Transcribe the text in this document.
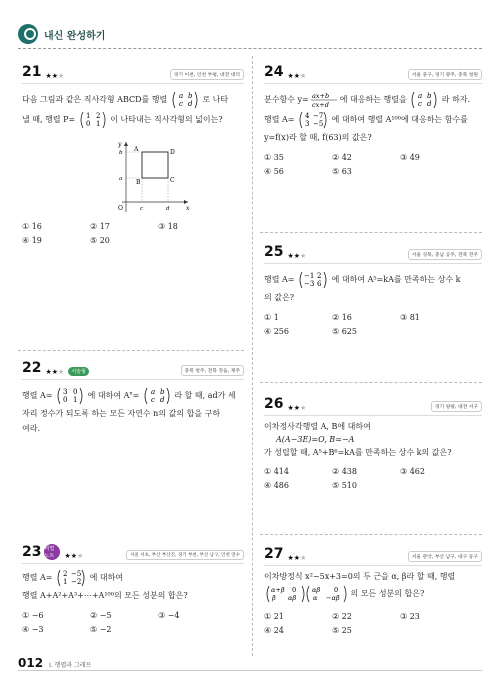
내신 완성하기
21 ★★★	경기 이천, 인천 부평, 대전 대덕
다음 그림과 같은 직사각형 ABCD를 행렬 a b
c d 로 나타
낼 때, 행렬 P= 1 2
0 1 이 나타내는 직사각형의 넓이는?
A	D
B	C
O	x
y
b
a
c	d
① 16	② 17	③ 18
④ 19	⑤ 20
22 ★★★	서술형	충북 청주, 전북 정읍, 제주
행렬 A= 3 0
0 1 에 대하여 $A^n= a$ b
c d 라 할 때, ad가 세
자리 정수가 되도록 하는 모든 자연수 n의 값의 합을 구하
여라.
23 비법 노트	★★★	서울 서초, 부산 부산진, 경기 부천, 부산 남구, 인천 연수
행렬 A= 2 −5
1 −2 에 대하여
행렬 A+A²+A³+⋯+A¹⁰⁰의 모든 성분의 합은?
① −6	② −5	③ −4
④ −3	⑤ −2
24 ★★★	서울 중구, 경기 광주, 충북 청원
분수함수 y= ax+b
cx+d
에 대응하는 행렬을 a b
c d 라 하자.
행렬 A= 4 −7
3 −5 에 대하여 행렬 A¹⁰⁰에 대응하는 함수를
y=f(x)라 할 때, f(63)의 값은?
① 35	② 42	③ 49
④ 56	⑤ 63
25 ★★★	서울 성북, 충남 공주, 전북 전주
행렬 A= −1 2
−3 6 에 대하여 A⁵=kA를 만족하는 상수 k
의 값은?
① 1	② 16	③ 81
④ 256	⑤ 625
26 ★★★	경기 양평, 대전 서구
이차정사각행렬 A, B에 대하여
A(A−3E)=O, B=−A
가 성립할 때, A⁵+B⁶=kA를 만족하는 상수 k의 값은?
① 414	② 438	③ 462
④ 486	⑤ 510
27 ★★★	서울 관악, 부산 남구, 대구 동구
이차방정식 x²−5x+3=0의 두 근을 α, β라 할 때, 행렬

α+β 0
β αβ
αβ 0
α −αβ 의 모든 성분의 합은?
① 21	② 22	③ 23
④ 24	⑤ 25
012 Ⅰ. 행렬과 그래프
